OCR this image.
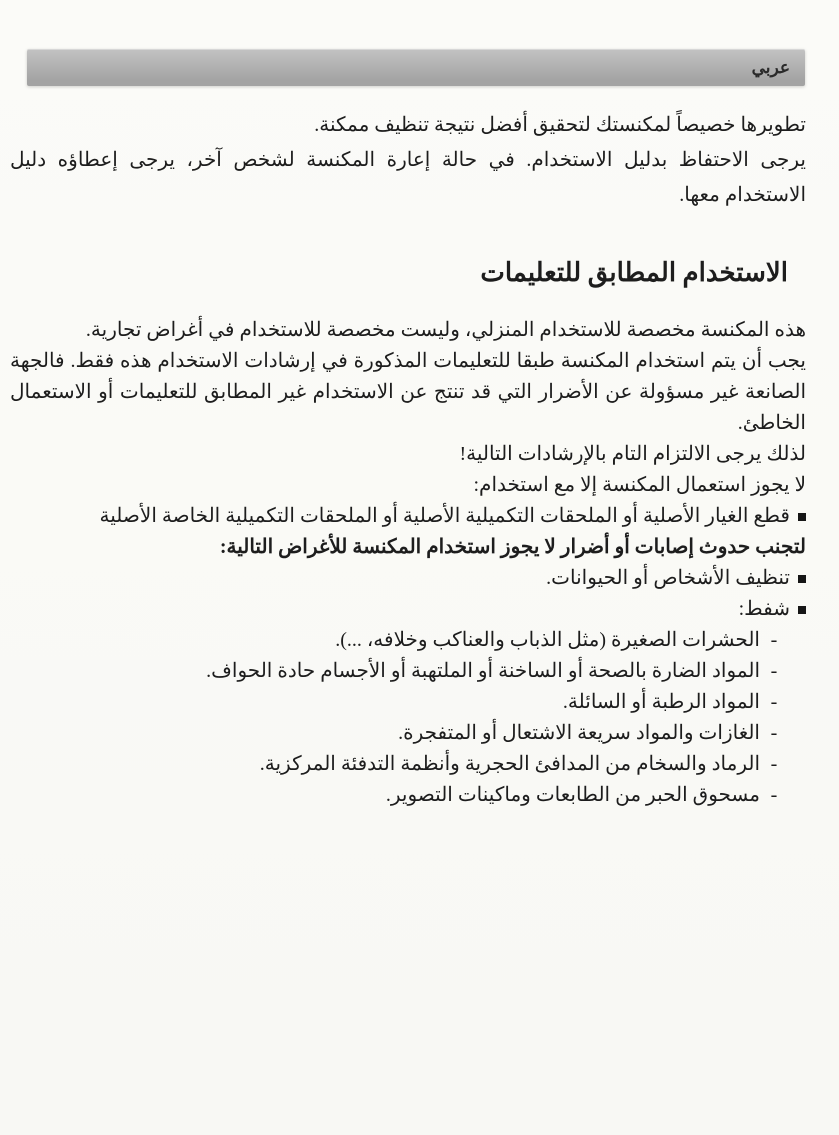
عربي

تطويرها خصيصاً لمكنستك لتحقيق أفضل نتيجة تنظيف ممكنة.

يرجى الاحتفاظ بدليل الاستخدام. في حالة إعارة المكنسة لشخص آخر، يرجى إعطاؤه دليل الاستخدام معها.

الاستخدام المطابق للتعليمات

هذه المكنسة مخصصة للاستخدام المنزلي، وليست مخصصة للاستخدام في أغراض تجارية.

يجب أن يتم استخدام المكنسة طبقا للتعليمات المذكورة في إرشادات الاستخدام هذه فقط. فالجهة الصانعة غير مسؤولة عن الأضرار التي قد تنتج عن الاستخدام غير المطابق للتعليمات أو الاستعمال الخاطئ.

لذلك يرجى الالتزام التام بالإرشادات التالية!

لا يجوز استعمال المكنسة إلا مع استخدام:

قطع الغيار الأصلية أو الملحقات التكميلية الأصلية أو الملحقات التكميلية الخاصة الأصلية

لتجنب حدوث إصابات أو أضرار لا يجوز استخدام المكنسة للأغراض التالية:

تنظيف الأشخاص أو الحيوانات.
شفط:
-
الحشرات الصغيرة (مثل الذباب والعناكب وخلافه، ...).
-
المواد الضارة بالصحة أو الساخنة أو الملتهبة أو الأجسام حادة الحواف.
-
المواد الرطبة أو السائلة.
-
الغازات والمواد سريعة الاشتعال أو المتفجرة.
-
الرماد والسخام من المدافئ الحجرية وأنظمة التدفئة المركزية.
-
مسحوق الحبر من الطابعات وماكينات التصوير.
